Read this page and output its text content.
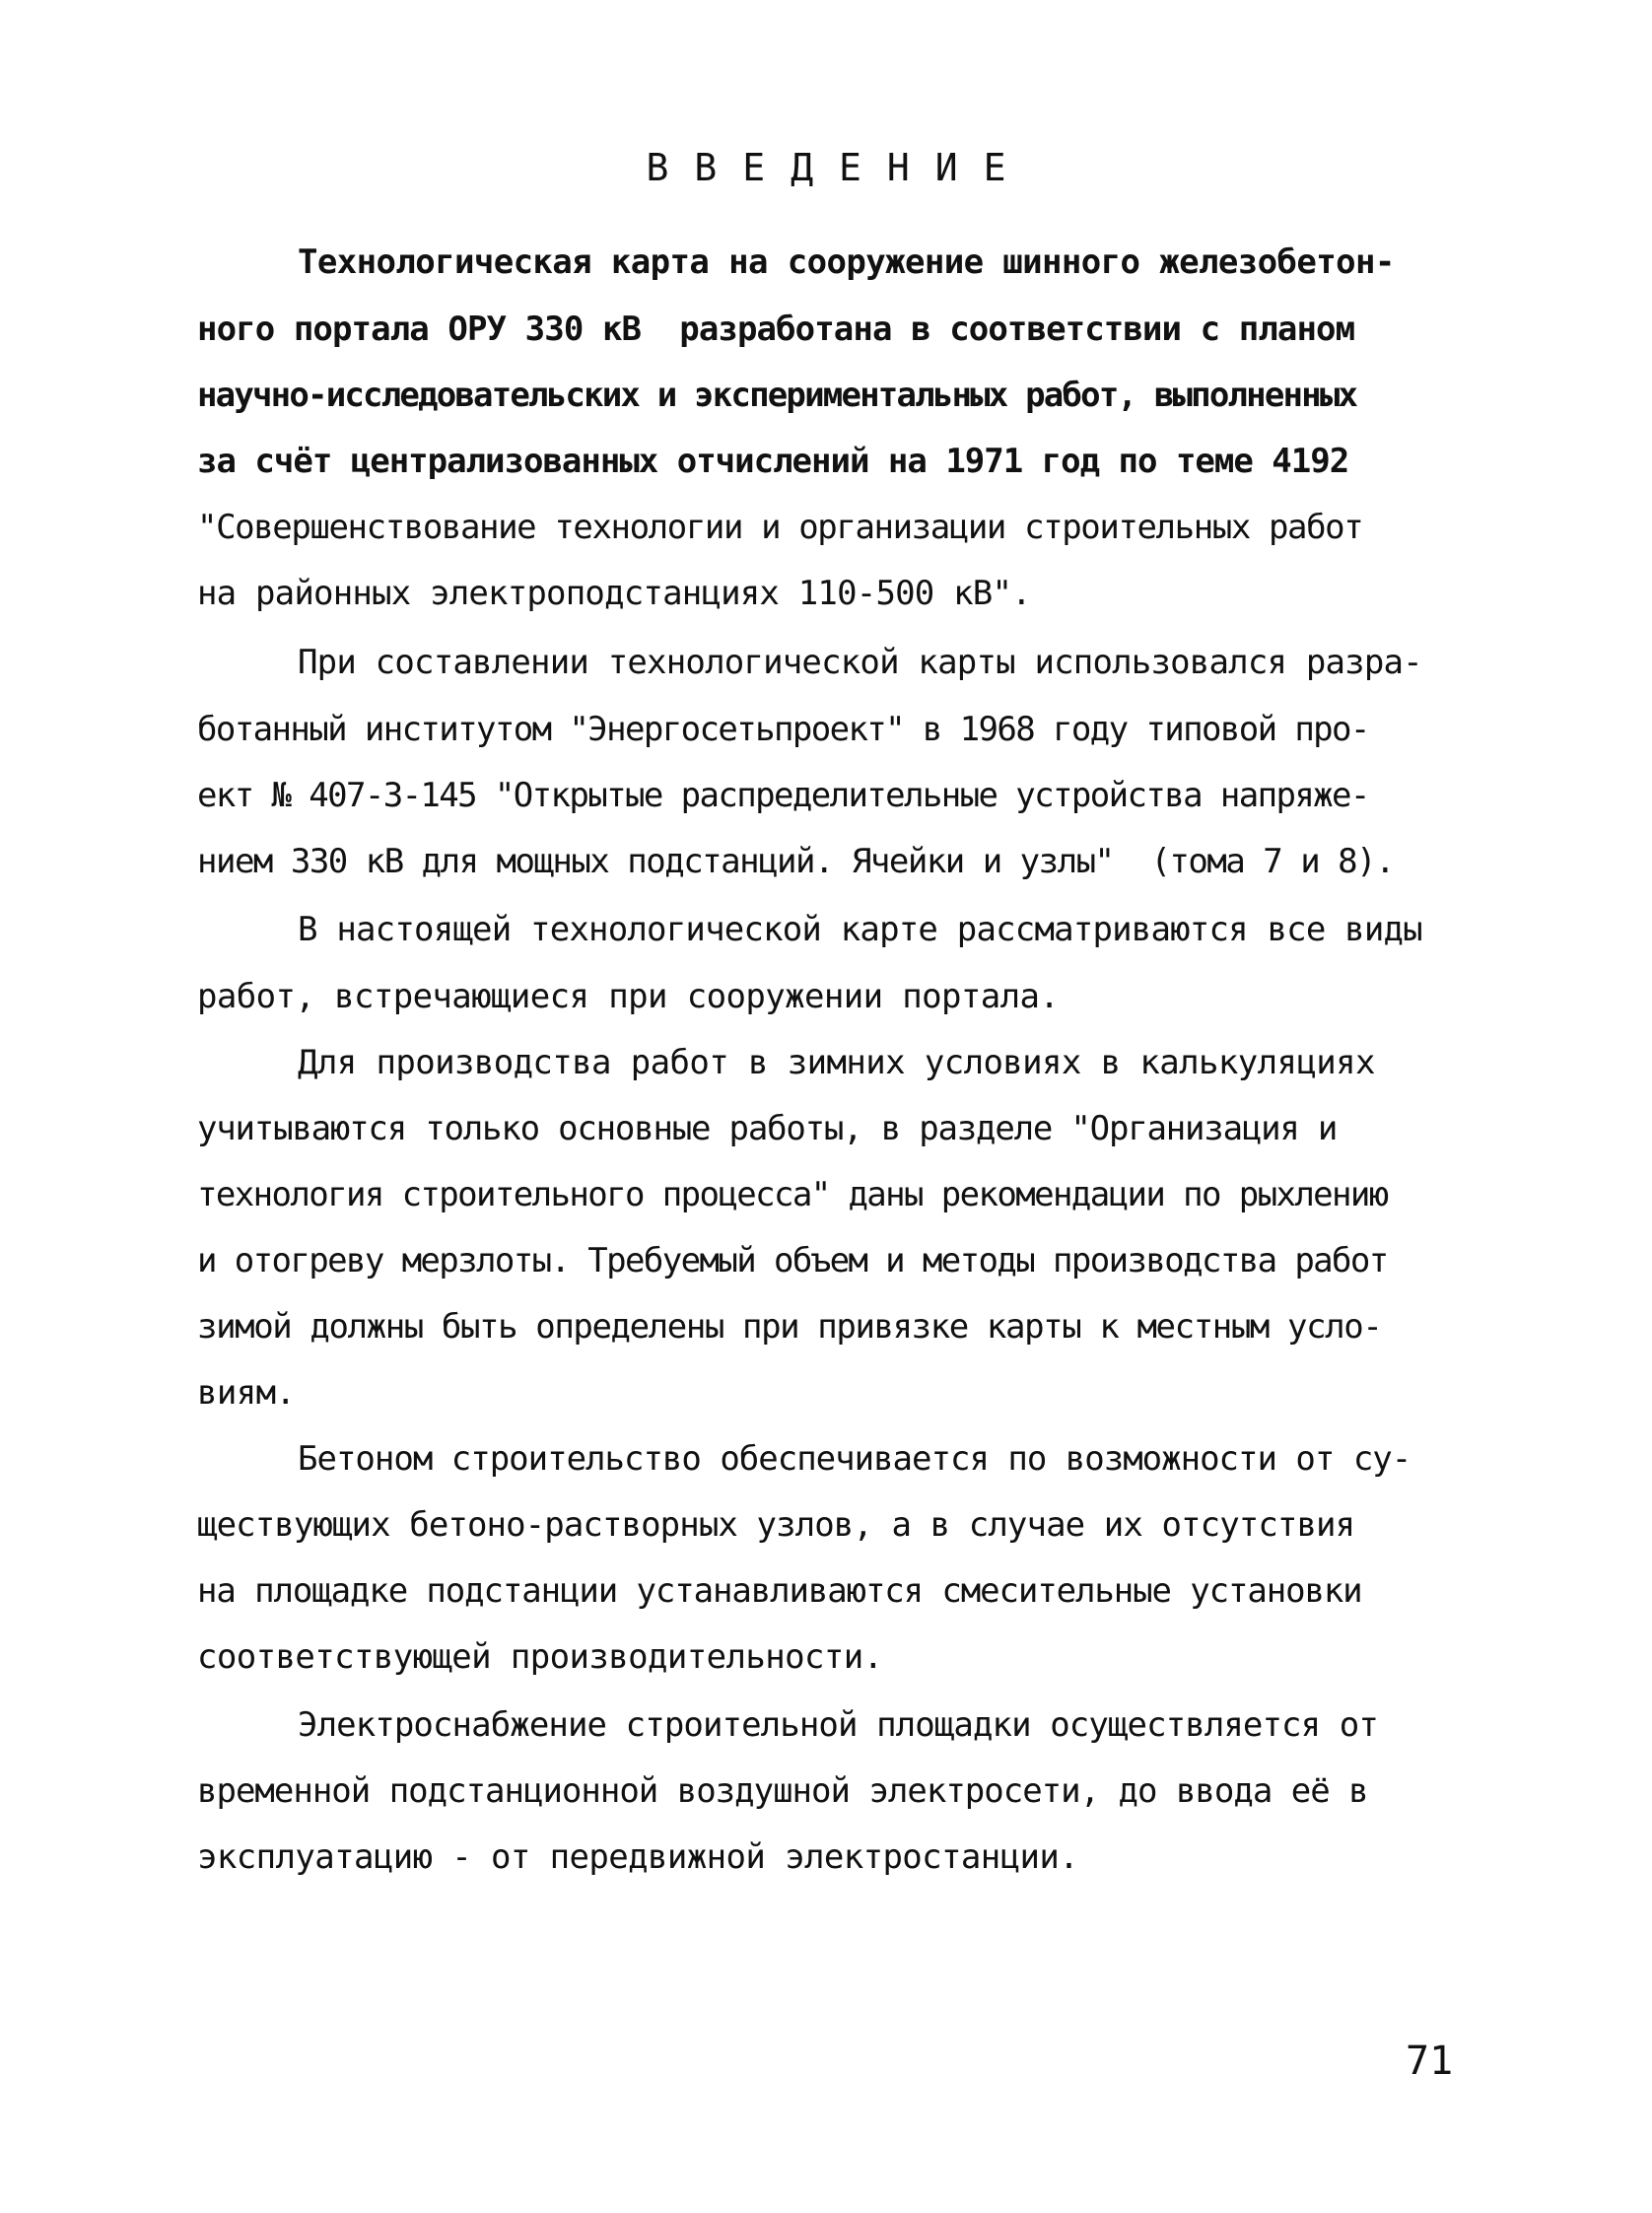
ВВЕДЕНИЕ
Технологическая карта на сооружение шинного железобетон-
ного портала ОРУ 330 кВ  разработана в соответствии с планом
научно-исследовательских и экспериментальных работ, выполненных
за счёт централизованных отчислений на 1971 год по теме 4192
"Совершенствование технологии и организации строительных работ
на районных электроподстанциях 110-500 кВ".
При составлении технологической карты использовался разра-
ботанный институтом "Энергосетьпроект" в 1968 году типовой про-
ект № 407-3-145 "Открытые распределительные устройства напряже-
нием 330 кВ для мощных подстанций. Ячейки и узлы"  (тома 7 и 8).
В настоящей технологической карте рассматриваются все виды
работ, встречающиеся при сооружении портала.
Для производства работ в зимних условиях в калькуляциях
учитываются только основные работы, в разделе "Организация и
технология строительного процесса" даны рекомендации по рыхлению
и отогреву мерзлоты. Требуемый объем и методы производства работ
зимой должны быть определены при привязке карты к местным усло-
виям.
Бетоном строительство обеспечивается по возможности от су-
ществующих бетоно-растворных узлов, а в случае их отсутствия
на площадке подстанции устанавливаются смесительные установки
соответствующей производительности.
Электроснабжение строительной площадки осуществляется от
временной подстанционной воздушной электросети, до ввода её в
эксплуатацию - от передвижной электростанции.
71
